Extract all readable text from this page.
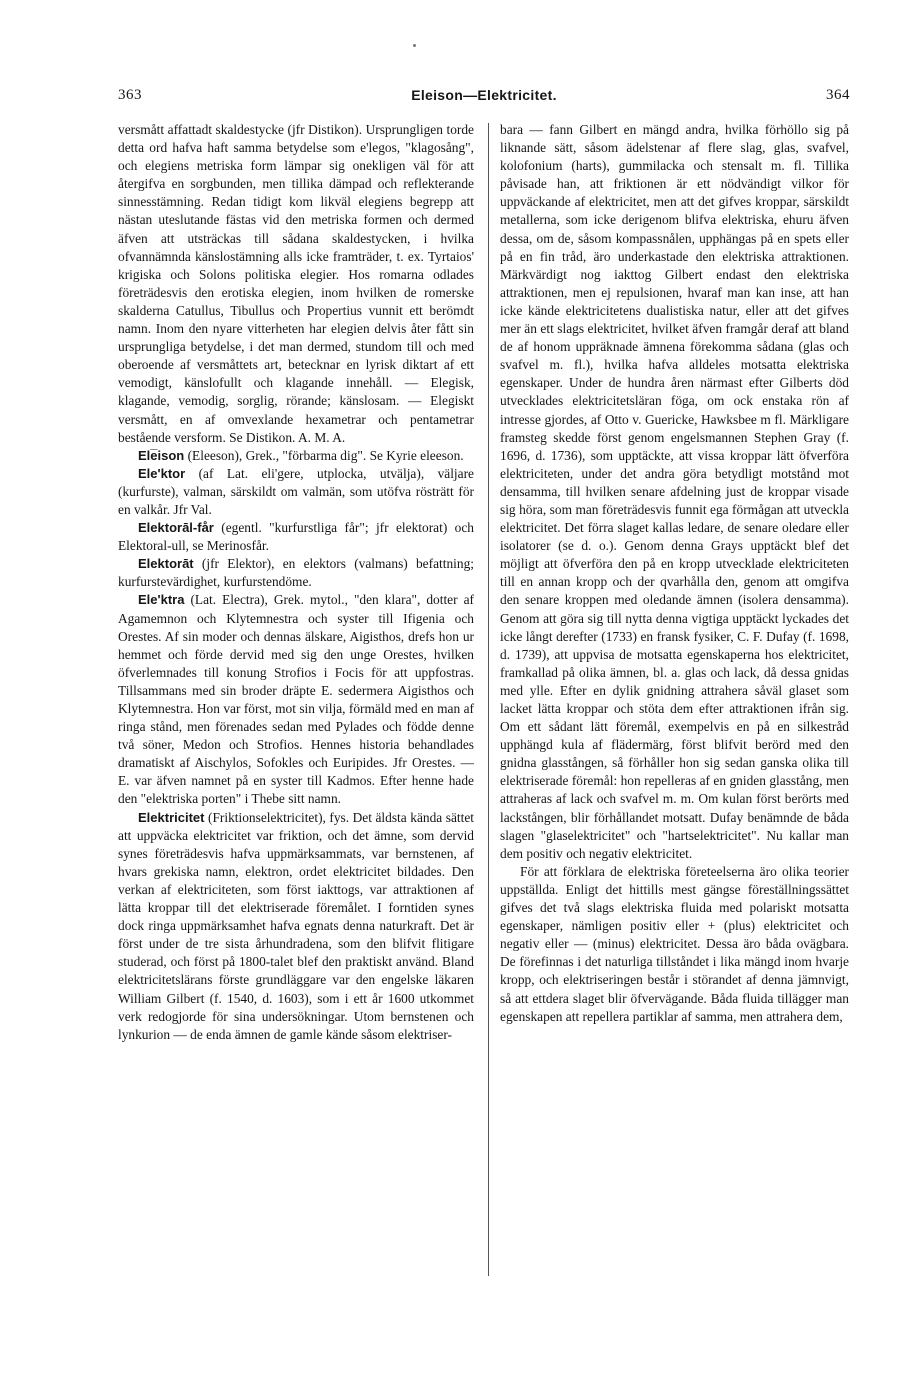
363	Eleison—Elektricitet.	364

versmått affattadt skaldestycke (jfr Distikon). Ursprungligen torde detta ord hafva haft samma betydelse som e'legos, "klagosång", och elegiens metriska form lämpar sig onekligen väl för att återgifva en sorgbunden, men tillika dämpad och reflekterande sinnesstämning. Redan tidigt kom likväl elegiens begrepp att nästan uteslutande fästas vid den metriska formen och dermed äfven att utsträckas till sådana skaldestycken, i hvilka ofvannämnda känslostämning alls icke framträder, t. ex. Tyrtaios' krigiska och Solons politiska elegier. Hos romarna odlades företrädesvis den erotiska elegien, inom hvilken de romerske skalderna Catullus, Tibullus och Propertius vunnit ett berömdt namn. Inom den nyare vitterheten har elegien delvis åter fått sin ursprungliga betydelse, i det man dermed, stundom till och med oberoende af versmåttets art, betecknar en lyrisk diktart af ett vemodigt, känslofullt och klagande innehåll. — Elegisk, klagande, vemodig, sorglig, rörande; känslosam. — Elegiskt versmått, en af omvexlande hexametrar och pentametrar bestående versform. Se Distikon. A. M. A.

Ele̅ison (Eleeson), Grek., "förbarma dig". Se Kyrie eleeson.

Ele'ktor (af Lat. eli'gere, utplocka, utvälja), väljare (kurfurste), valman, särskildt om valmän, som utöfva rösträtt för en valkår. Jfr Val.

Elektorāl-får (egentl. "kurfurstliga får"; jfr elektorat) och Elektoral-ull, se Merinosfår.

Elektorāt (jfr Elektor), en elektors (valmans) befattning; kurfurstevärdighet, kurfurstendöme.

Ele'ktra (Lat. Electra), Grek. mytol., "den klara", dotter af Agamemnon och Klytemnestra och syster till Ifigenia och Orestes. Af sin moder och dennas älskare, Aigisthos, drefs hon ur hemmet och förde dervid med sig den unge Orestes, hvilken öfverlemnades till konung Strofios i Focis för att uppfostras. Tillsammans med sin broder dräpte E. sedermera Aigisthos och Klytemnestra. Hon var först, mot sin vilja, förmäld med en man af ringa stånd, men förenades sedan med Pylades och födde denne två söner, Medon och Strofios. Hennes historia behandlades dramatiskt af Aischylos, Sofokles och Euripides. Jfr Orestes. — E. var äfven namnet på en syster till Kadmos. Efter henne hade den "elektriska porten" i Thebe sitt namn.

Elektricitet (Friktionselektricitet), fys. Det äldsta kända sättet att uppväcka elektricitet var friktion, och det ämne, som dervid synes företrädesvis hafva uppmärksammats, var bernstenen, af hvars grekiska namn, elektron, ordet elektricitet bildades. Den verkan af elektriciteten, som först iakttogs, var attraktionen af lätta kroppar till det elektriserade föremålet. I forntiden synes dock ringa uppmärksamhet hafva egnats denna naturkraft. Det är först under de tre sista århundradena, som den blifvit flitigare studerad, och först på 1800-talet blef den praktiskt använd. Bland elektricitetslärans förste grundläggare var den engelske läkaren William Gilbert (f. 1540, d. 1603), som i ett år 1600 utkommet verk redogjorde för sina undersökningar. Utom bernstenen och lynkurion — de enda ämnen de gamle kände såsom elektriser-

bara — fann Gilbert en mängd andra, hvilka förhöllo sig på liknande sätt, såsom ädelstenar af flere slag, glas, svafvel, kolofonium (harts), gummilacka och stensalt m. fl. Tillika påvisade han, att friktionen är ett nödvändigt vilkor för uppväckande af elektricitet, men att det gifves kroppar, särskildt metallerna, som icke derigenom blifva elektriska, ehuru äfven dessa, om de, såsom kompassnålen, upphängas på en spets eller på en fin tråd, äro underkastade den elektriska attraktionen. Märkvärdigt nog iakttog Gilbert endast den elektriska attraktionen, men ej repulsionen, hvaraf man kan inse, att han icke kände elektricitetens dualistiska natur, eller att det gifves mer än ett slags elektricitet, hvilket äfven framgår deraf att bland de af honom uppräknade ämnena förekomma sådana (glas och svafvel m. fl.), hvilka hafva alldeles motsatta elektriska egenskaper. Under de hundra åren närmast efter Gilberts död utvecklades elektricitetsläran föga, om ock enstaka rön af intresse gjordes, af Otto v. Guericke, Hawksbee m fl. Märkligare framsteg skedde först genom engelsmannen Stephen Gray (f. 1696, d. 1736), som upptäckte, att vissa kroppar lätt öfverföra elektriciteten, under det andra göra betydligt motstånd mot densamma, till hvilken senare afdelning just de kroppar visade sig höra, som man företrädesvis funnit ega förmågan att utveckla elektricitet. Det förra slaget kallas ledare, de senare oledare eller isolatorer (se d. o.). Genom denna Grays upptäckt blef det möjligt att öfverföra den på en kropp utvecklade elektriciteten till en annan kropp och der qvarhålla den, genom att omgifva den senare kroppen med oledande ämnen (isolera densamma). Genom att göra sig till nytta denna vigtiga upptäckt lyckades det icke långt derefter (1733) en fransk fysiker, C. F. Dufay (f. 1698, d. 1739), att uppvisa de motsatta egenskaperna hos elektricitet, framkallad på olika ämnen, bl. a. glas och lack, då dessa gnidas med ylle. Efter en dylik gnidning attrahera såväl glaset som lacket lätta kroppar och stöta dem efter attraktionen ifrån sig. Om ett sådant lätt föremål, exempelvis en på en silkestråd upphängd kula af flädermärg, först blifvit berörd med den gnidna glasstången, så förhåller hon sig sedan ganska olika till elektriserade föremål: hon repelleras af en gniden glasstång, men attraheras af lack och svafvel m. m. Om kulan först berörts med lackstången, blir förhållandet motsatt. Dufay benämnde de båda slagen "glaselektricitet" och "hartselektricitet". Nu kallar man dem positiv och negativ elektricitet.

För att förklara de elektriska företeelserna äro olika teorier uppställda. Enligt det hittills mest gängse föreställningssättet gifves det två slags elektriska fluida med polariskt motsatta egenskaper, nämligen positiv eller + (plus) elektricitet och negativ eller — (minus) elektricitet. Dessa äro båda ovägbara. De förefinnas i det naturliga tillståndet i lika mängd inom hvarje kropp, och elektriseringen består i störandet af denna jämnvigt, så att ettdera slaget blir öfvervägande. Båda fluida tillägger man egenskapen att repellera partiklar af samma, men attrahera dem,
